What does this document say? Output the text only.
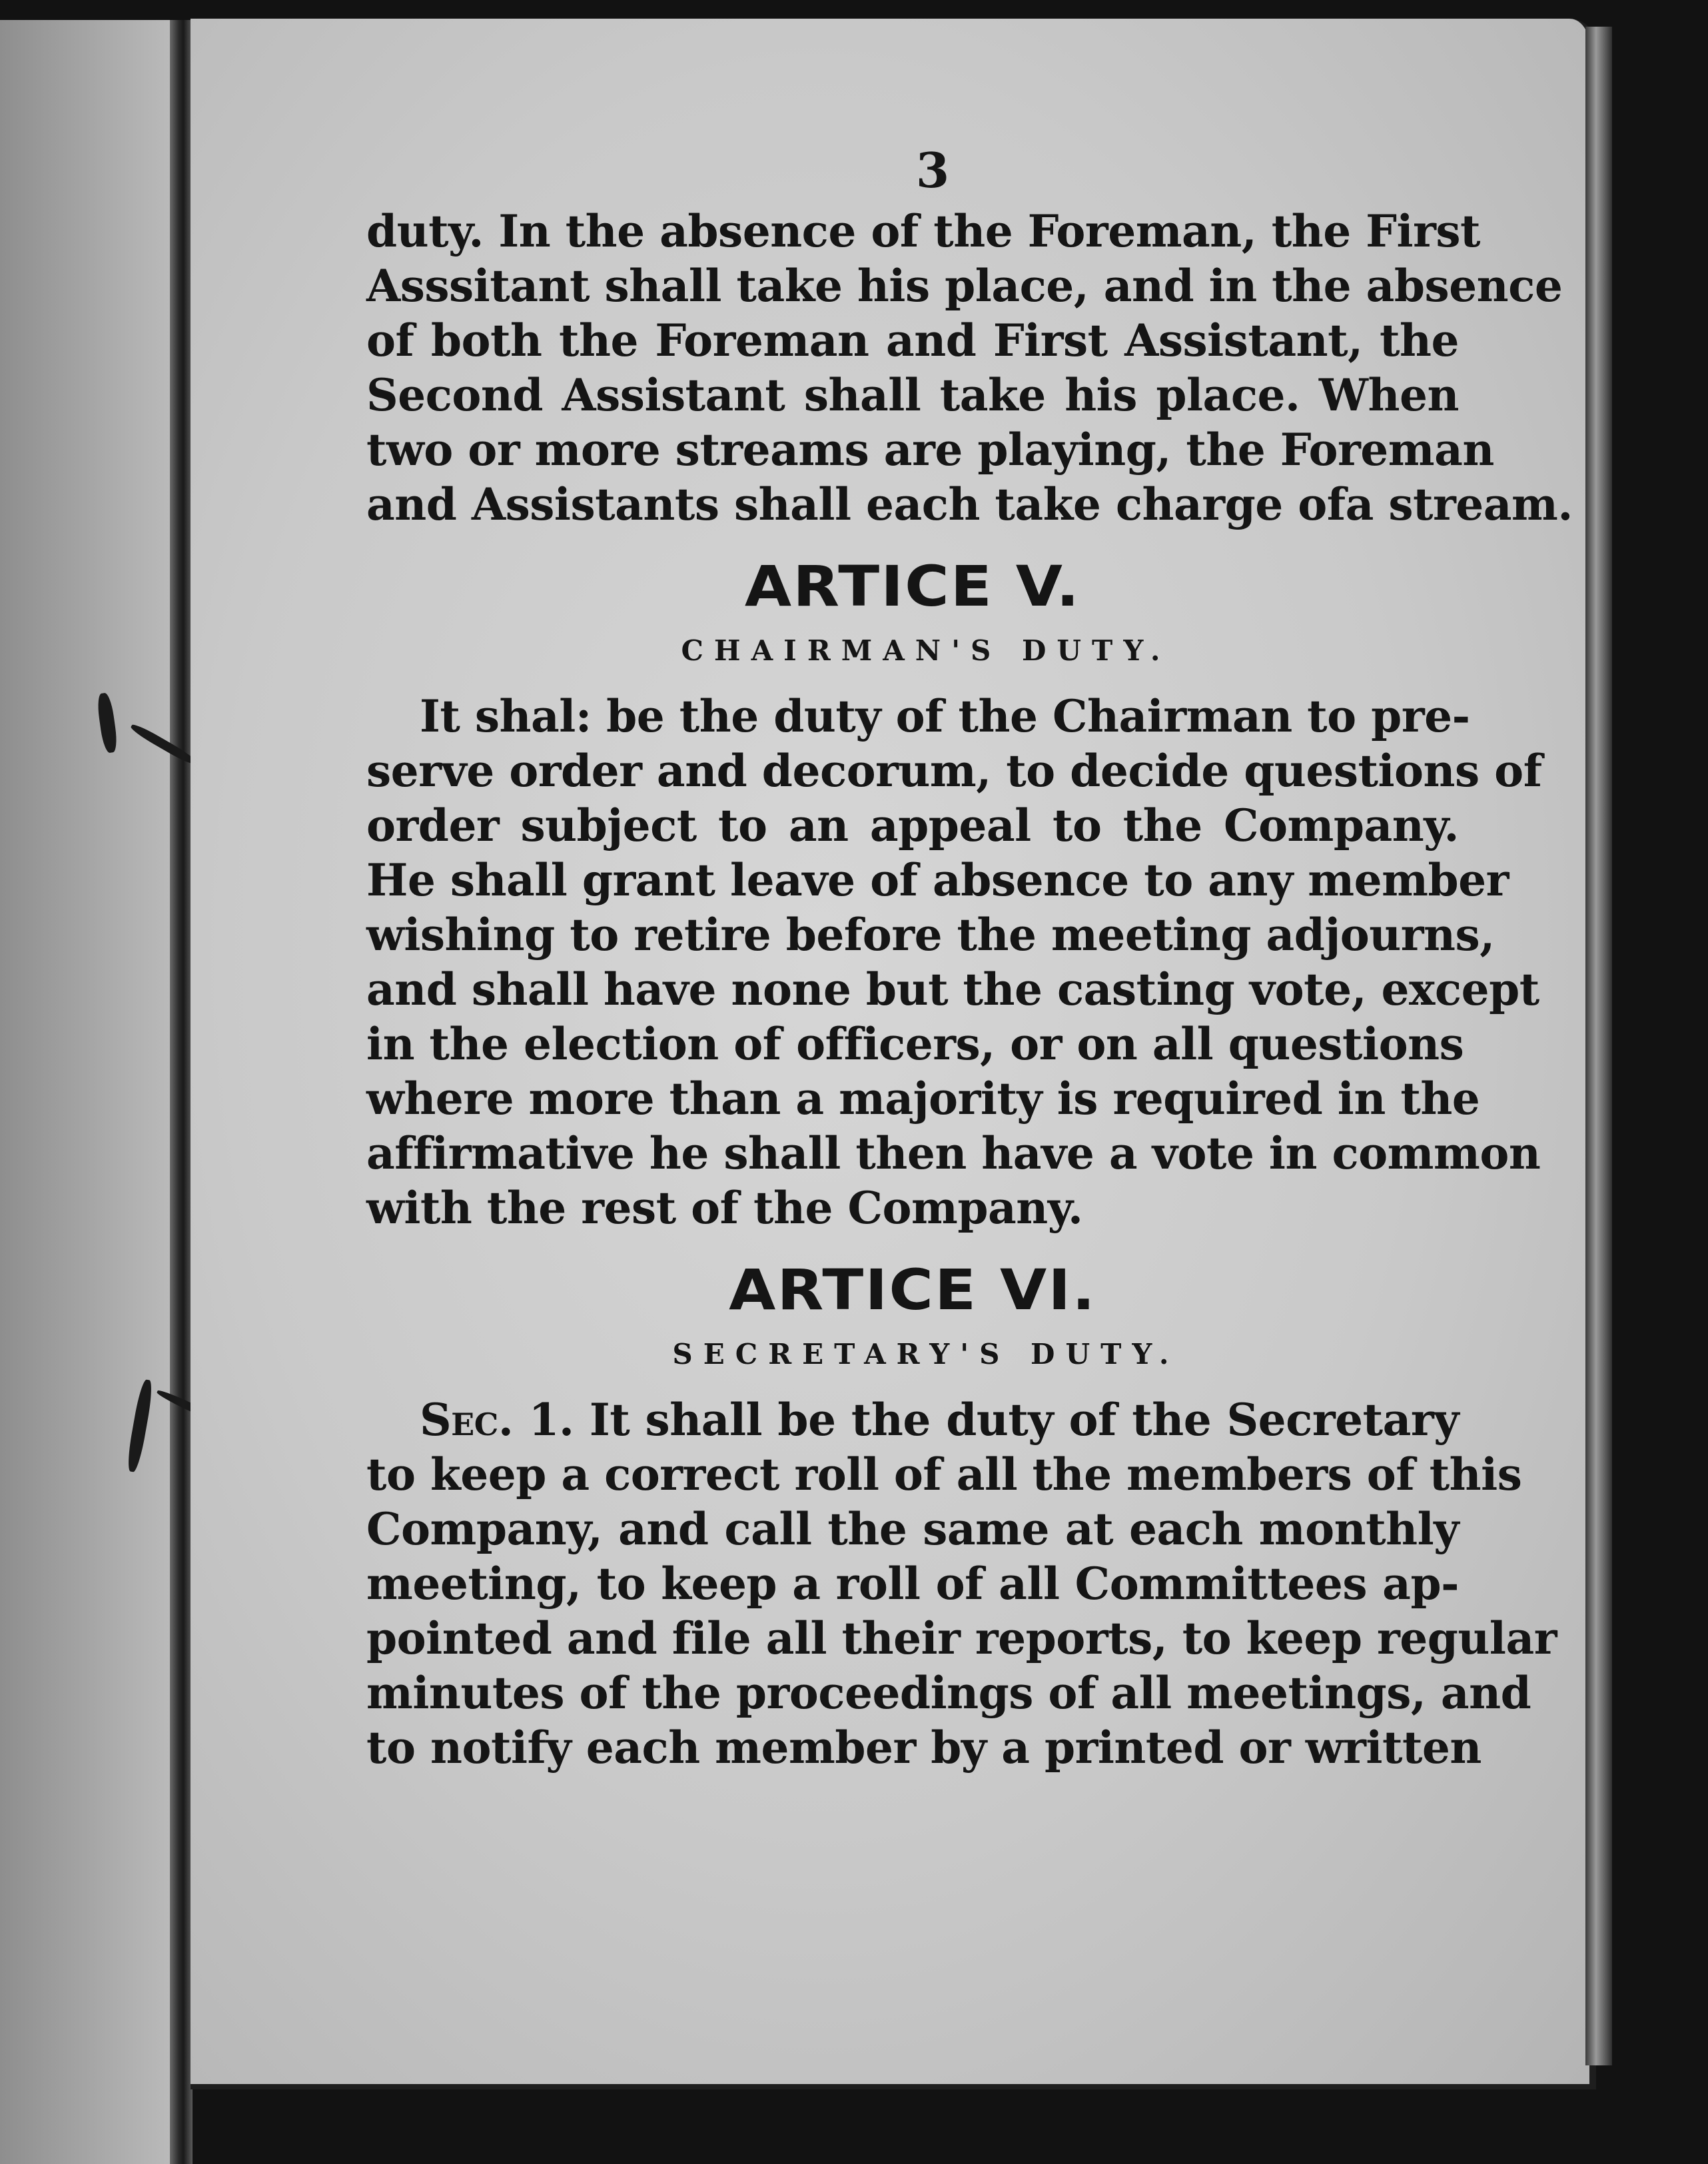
3
duty. In the absence of the Foreman, the First
Asssitant shall take his place, and in the absence
of both the Foreman and First Assistant, the
Second Assistant shall take his place. When
two or more streams are playing, the Foreman
and Assistants shall each take charge ofa stream.
ARTICE V.
CHAIRMAN'S DUTY.
It shal: be the duty of the Chairman to pre-
serve order and decorum, to decide questions of
order subject to an appeal to the Company.
He shall grant leave of absence to any member
wishing to retire before the meeting adjourns,
and shall have none but the casting vote, except
in the election of officers, or on all questions
where more than a majority is required in the
affirmative he shall then have a vote in common
with the rest of the Company.
ARTICE VI.
SECRETARY'S DUTY.
Sec. 1. It shall be the duty of the Secretary
to keep a correct roll of all the members of this
Company, and call the same at each monthly
meeting, to keep a roll of all Committees ap-
pointed and file all their reports, to keep regular
minutes of the proceedings of all meetings, and
to notify each member by a printed or written
